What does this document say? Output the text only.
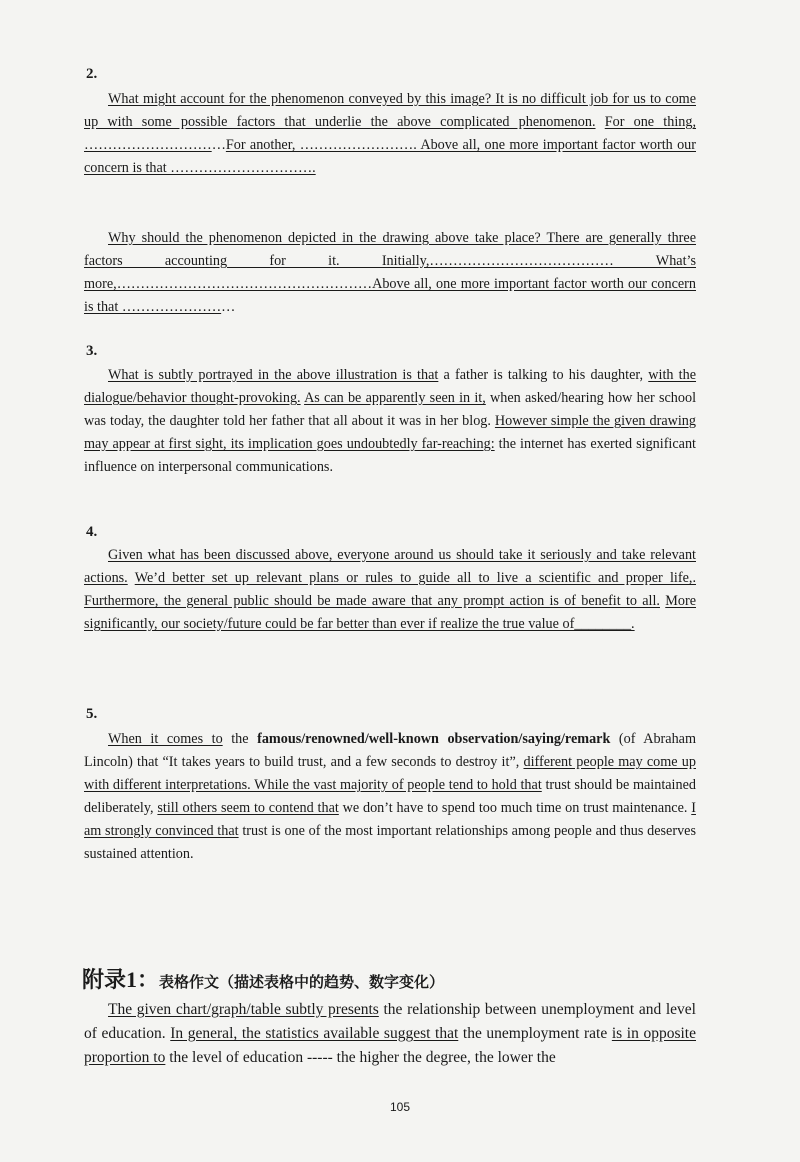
2.
What might account for the phenomenon conveyed by this image? It is no difficult job for us to come up with some possible factors that underlie the above complicated phenomenon. For one thing, …………………………For another, ……………………. Above all, one more important factor worth our concern is that ………………………….
Why should the phenomenon depicted in the drawing above take place? There are generally three factors accounting for it. Initially,………………………………… What’s more,………………………………………………Above all, one more important factor worth our concern is that ……………………
3.
What is subtly portrayed in the above illustration is that a father is talking to his daughter, with the dialogue/behavior thought-provoking. As can be apparently seen in it, when asked/hearing how her school was today, the daughter told her father that all about it was in her blog. However simple the given drawing may appear at first sight, its implication goes undoubtedly far-reaching: the internet has exerted significant influence on interpersonal communications.
4.
Given what has been discussed above, everyone around us should take it seriously and take relevant actions. We’d better set up relevant plans or rules to guide all to live a scientific and proper life,. Furthermore, the general public should be made aware that any prompt action is of benefit to all. More significantly, our society/future could be far better than ever if realize the true value of________.
5.
When it comes to the famous/renowned/well-known observation/saying/remark (of Abraham Lincoln) that “It takes years to build trust, and a few seconds to destroy it”, different people may come up with different interpretations. While the vast majority of people tend to hold that trust should be maintained deliberately, still others seem to contend that we don’t have to spend too much time on trust maintenance. I am strongly convinced that trust is one of the most important relationships among people and thus deserves sustained attention.
附录1：表格作文（描述表格中的趋势、数字变化）
The given chart/graph/table subtly presents the relationship between unemployment and level of education. In general, the statistics available suggest that the unemployment rate is in opposite proportion to the level of education ----- the higher the degree, the lower the
105
